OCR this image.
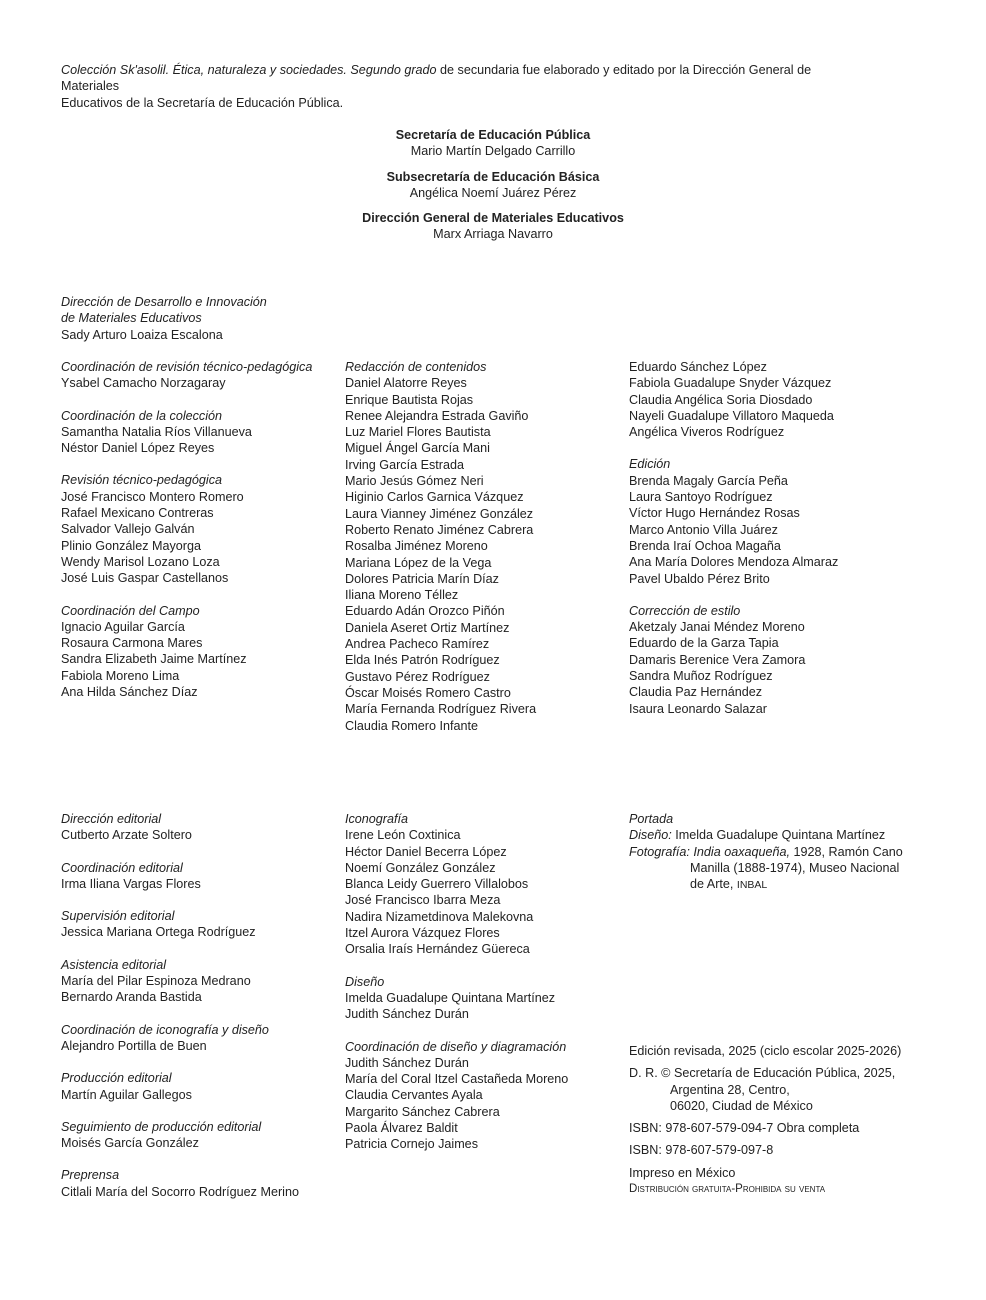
Colección Sk'asolil. Ética, naturaleza y sociedades. Segundo grado de secundaria fue elaborado y editado por la Dirección General de Materiales
Educativos de la Secretaría de Educación Pública.
Secretaría de Educación Pública
Mario Martín Delgado Carrillo
Subsecretaría de Educación Básica
Angélica Noemí Juárez Pérez
Dirección General de Materiales Educativos
Marx Arriaga Navarro
Dirección de Desarrollo e Innovación
de Materiales Educativos
Sady Arturo Loaiza Escalona
Coordinación de revisión técnico-pedagógica
Ysabel Camacho Norzagaray
Coordinación de la colección
Samantha Natalia Ríos Villanueva
Néstor Daniel López Reyes
Revisión técnico-pedagógica
José Francisco Montero Romero
Rafael Mexicano Contreras
Salvador Vallejo Galván
Plinio González Mayorga
Wendy Marisol Lozano Loza
José Luis Gaspar Castellanos
Coordinación del Campo
Ignacio Aguilar García
Rosaura Carmona Mares
Sandra Elizabeth Jaime Martínez
Fabiola Moreno Lima
Ana Hilda Sánchez Díaz
Redacción de contenidos
Daniel Alatorre Reyes
Enrique Bautista Rojas
Renee Alejandra Estrada Gaviño
Luz Mariel Flores Bautista
Miguel Ángel García Mani
Irving García Estrada
Mario Jesús Gómez Neri
Higinio Carlos Garnica Vázquez
Laura Vianney Jiménez González
Roberto Renato Jiménez Cabrera
Rosalba Jiménez Moreno
Mariana López de la Vega
Dolores Patricia Marín Díaz
Iliana Moreno Téllez
Eduardo Adán Orozco Piñón
Daniela Aseret Ortiz Martínez
Andrea Pacheco Ramírez
Elda Inés Patrón Rodríguez
Gustavo Pérez Rodríguez
Óscar Moisés Romero Castro
María Fernanda Rodríguez Rivera
Claudia Romero Infante
Eduardo Sánchez López
Fabiola Guadalupe Snyder Vázquez
Claudia Angélica Soria Diosdado
Nayeli Guadalupe Villatoro Maqueda
Angélica Viveros Rodríguez
Edición
Brenda Magaly García Peña
Laura Santoyo Rodríguez
Víctor Hugo Hernández Rosas
Marco Antonio Villa Juárez
Brenda Iraí Ochoa Magaña
Ana María Dolores Mendoza Almaraz
Pavel Ubaldo Pérez Brito
Corrección de estilo
Aketzaly Janai Méndez Moreno
Eduardo de la Garza Tapia
Damaris Berenice Vera Zamora
Sandra Muñoz Rodríguez
Claudia Paz Hernández
Isaura Leonardo Salazar
Dirección editorial
Cutberto Arzate Soltero
Coordinación editorial
Irma Iliana Vargas Flores
Supervisión editorial
Jessica Mariana Ortega Rodríguez
Asistencia editorial
María del Pilar Espinoza Medrano
Bernardo Aranda Bastida
Coordinación de iconografía y diseño
Alejandro Portilla de Buen
Producción editorial
Martín Aguilar Gallegos
Seguimiento de producción editorial
Moisés García González
Preprensa
Citlali María del Socorro Rodríguez Merino
Iconografía
Irene León Coxtinica
Héctor Daniel Becerra López
Noemí González González
Blanca Leidy Guerrero Villalobos
José Francisco Ibarra Meza
Nadira Nizametdinova Malekovna
Itzel Aurora Vázquez Flores
Orsalia Iraís Hernández Güereca
Diseño
Imelda Guadalupe Quintana Martínez
Judith Sánchez Durán
Coordinación de diseño y diagramación
Judith Sánchez Durán
María del Coral Itzel Castañeda Moreno
Claudia Cervantes Ayala
Margarito Sánchez Cabrera
Paola Álvarez Baldit
Patricia Cornejo Jaimes
Portada
Diseño: Imelda Guadalupe Quintana Martínez
Fotografía: India oaxaqueña, 1928, Ramón Cano
Manilla (1888-1974), Museo Nacional
de Arte, INBAL
Edición revisada, 2025 (ciclo escolar 2025-2026)
D. R. © Secretaría de Educación Pública, 2025,
Argentina 28, Centro,
06020, Ciudad de México
ISBN: 978-607-579-094-7 Obra completa
ISBN: 978-607-579-097-8
Impreso en México
Distribución gratuita-Prohibida su venta
